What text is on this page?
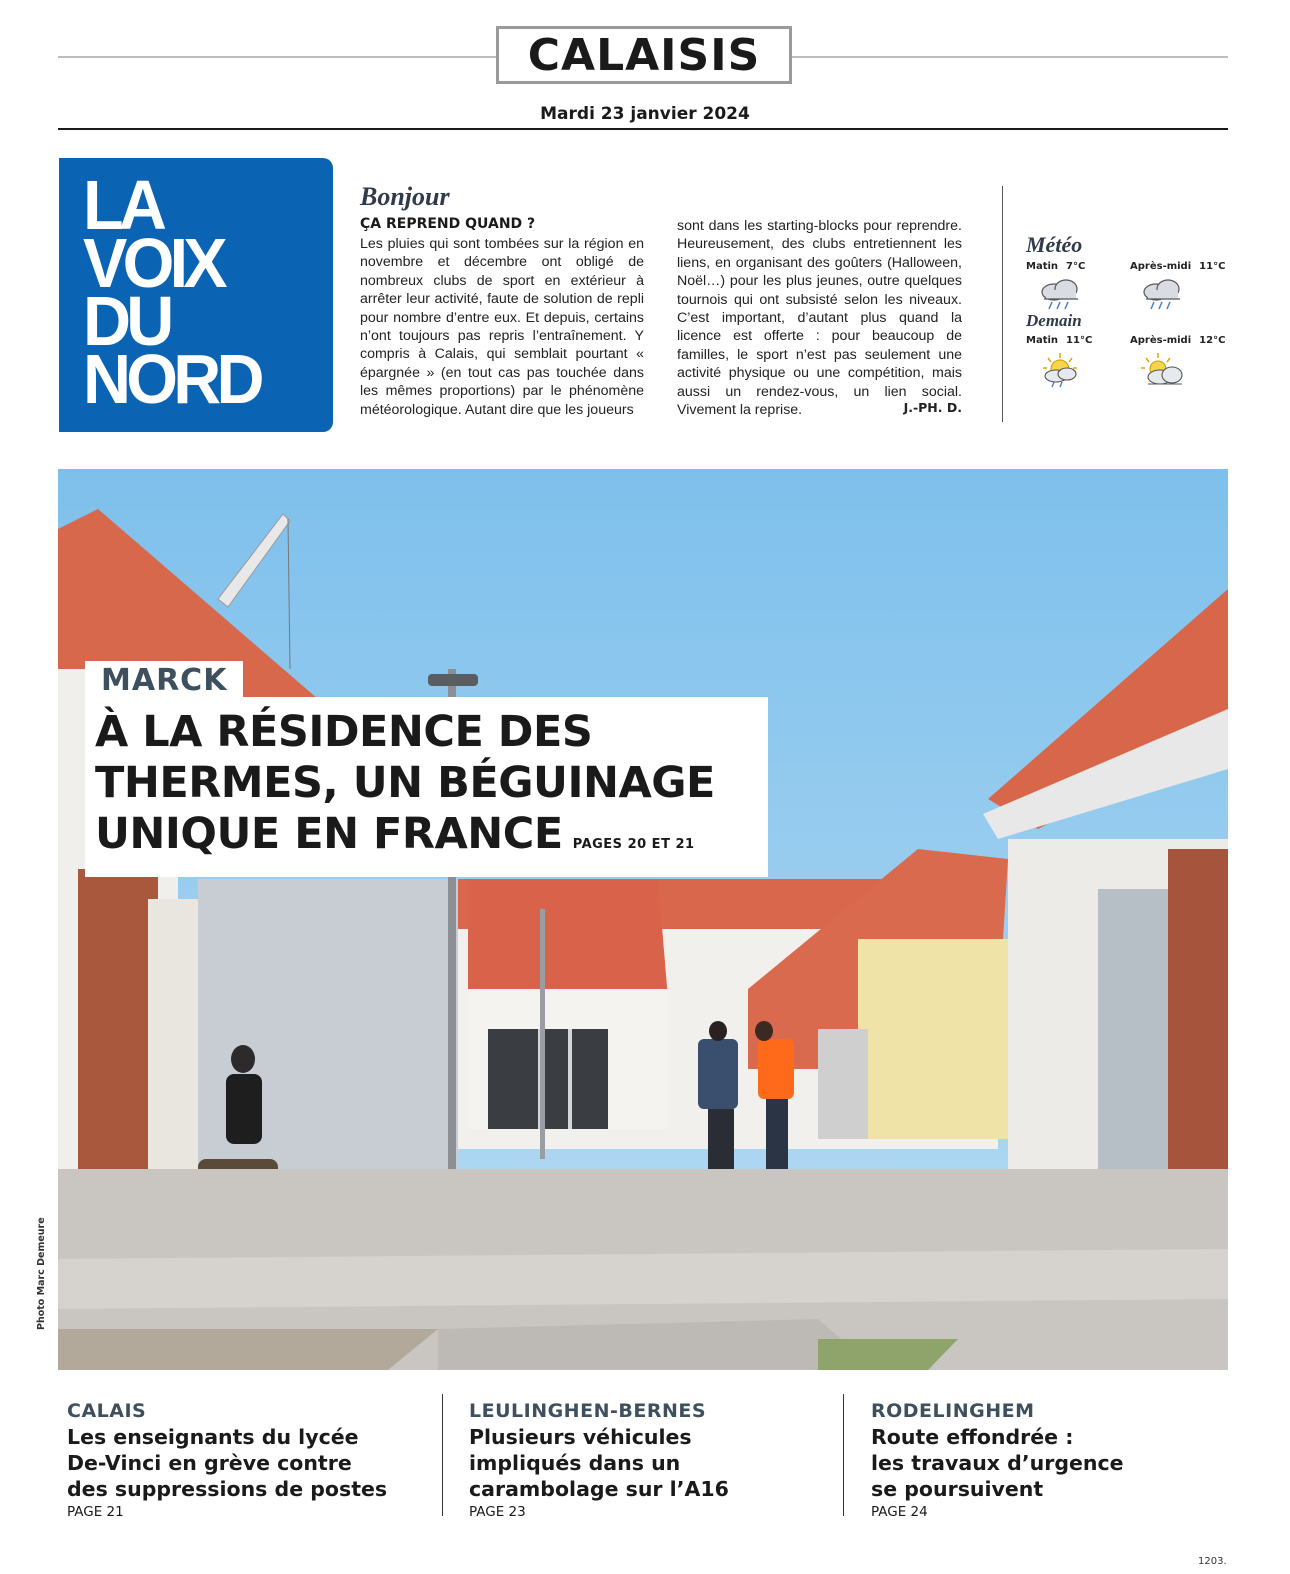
CALAISIS
Mardi 23 janvier 2024
LA
VOIX
DU
NORD
Bonjour
ÇA REPREND QUAND ?
Les pluies qui sont tombées sur la région en novembre et décembre ont obligé de nombreux clubs de sport en extérieur à arrêter leur activité, faute de solution de repli pour nombre d’entre eux. Et depuis, certains n’ont toujours pas repris l’entraînement. Y compris à Calais, qui semblait pourtant « épargnée » (en tout cas pas touchée dans les mêmes proportions) par le phénomène météorologique. Autant dire que les joueurs
sont dans les starting-blocks pour reprendre. Heureusement, des clubs entretiennent les liens, en organisant des goûters (Halloween, Noël…) pour les plus jeunes, outre quelques tournois qui ont subsisté selon les niveaux. C’est important, d’autant plus quand la licence est offerte : pour beaucoup de familles, le sport n’est pas seulement une activité physique ou une compétition, mais aussi un rendez-vous, un lien social. Vivement la reprise.	J.-PH. D.
Météo
Matin 7°C	Après-midi 11°C
Demain
Matin 11°C	Après-midi 12°C
Photo Marc Demeure
MARCK
À LA RÉSIDENCE DES
THERMES, UN BÉGUINAGE
UNIQUE EN FRANCE PAGES 20 ET 21
CALAIS
Les enseignants du lycée
De-Vinci en grève contre
des suppressions de postes
PAGE 21
LEULINGHEN-BERNES
Plusieurs véhicules
impliqués dans un
carambolage sur l’A16
PAGE 23
RODELINGHEM
Route effondrée :
les travaux d’urgence
se poursuivent
PAGE 24
1203.
